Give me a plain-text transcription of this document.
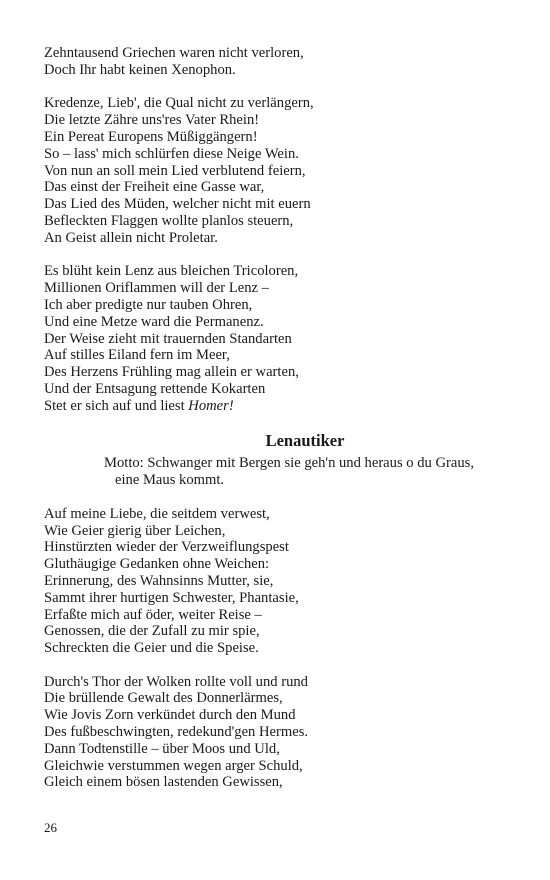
Zehntausend Griechen waren nicht verloren,
Doch Ihr habt keinen Xenophon.
Kredenze, Lieb', die Qual nicht zu verlängern,
Die letzte Zähre uns'res Vater Rhein!
Ein Pereat Europens Müßiggängern!
So – lass' mich schlürfen diese Neige Wein.
Von nun an soll mein Lied verblutend feiern,
Das einst der Freiheit eine Gasse war,
Das Lied des Müden, welcher nicht mit euern
Befleckten Flaggen wollte planlos steuern,
An Geist allein nicht Proletar.
Es blüht kein Lenz aus bleichen Tricoloren,
Millionen Oriflammen will der Lenz –
Ich aber predigte nur tauben Ohren,
Und eine Metze ward die Permanenz.
Der Weise zieht mit trauernden Standarten
Auf stilles Eiland fern im Meer,
Des Herzens Frühling mag allein er warten,
Und der Entsagung rettende Kokarten
Stet er sich auf und liest Homer!
Lenautiker
Motto: Schwanger mit Bergen sie geh'n und heraus o du Graus,
eine Maus kommt.
Auf meine Liebe, die seitdem verwest,
Wie Geier gierig über Leichen,
Hinstürzten wieder der Verzweiflungspest
Gluthäugige Gedanken ohne Weichen:
Erinnerung, des Wahnsinns Mutter, sie,
Sammt ihrer hurtigen Schwester, Phantasie,
Erfaßte mich auf öder, weiter Reise –
Genossen, die der Zufall zu mir spie,
Schreckten die Geier und die Speise.
Durch's Thor der Wolken rollte voll und rund
Die brüllende Gewalt des Donnerlärmes,
Wie Jovis Zorn verkündet durch den Mund
Des fußbeschwingten, redekund'gen Hermes.
Dann Todtenstille – über Moos und Uld,
Gleichwie verstummen wegen arger Schuld,
Gleich einem bösen lastenden Gewissen,
26
